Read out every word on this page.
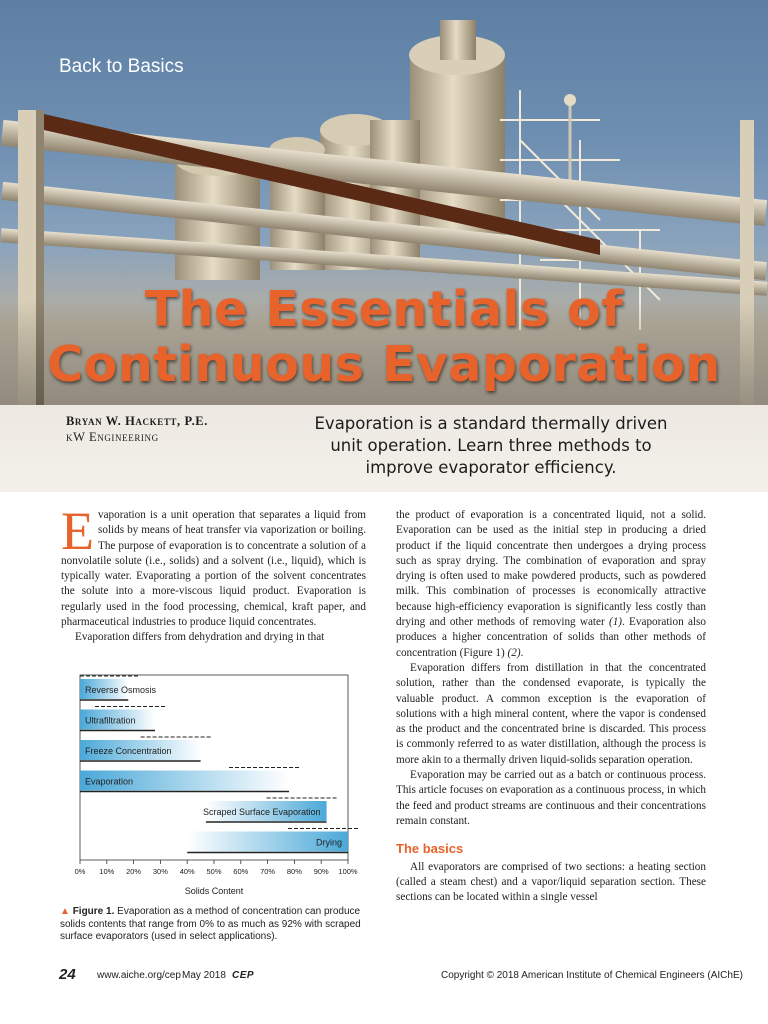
Back to Basics
The Essentials of
Continuous Evaporation
Bryan W. Hackett, P.E.
kW Engineering
Evaporation is a standard thermally driven unit operation. Learn three methods to improve evaporator efficiency.

Evaporation is a unit operation that separates a liquid from solids by means of heat transfer via vaporization or boiling. The purpose of evaporation is to concentrate a solution of a nonvolatile solute (i.e., solids) and a solvent (i.e., liquid), which is typically water. Evaporating a portion of the solvent concentrates the solute into a more-viscous liquid product. Evaporation is regularly used in the food processing, chemical, kraft paper, and pharmaceutical industries to produce liquid concentrates.

Evaporation differs from dehydration and drying in that

Reverse Osmosis
Ultrafiltration
Freeze Concentration
Evaporation
Scraped Surface Evaporation
Drying
0% 10% 20% 30% 40% 50% 60% 70% 80% 90% 100%
Solids Content
▲ Figure 1. Evaporation as a method of concentration can produce solids contents that range from 0% to as much as 92% with scraped surface evaporators (used in select applications).

the product of evaporation is a concentrated liquid, not a solid. Evaporation can be used as the initial step in producing a dried product if the liquid concentrate then undergoes a drying process such as spray drying. The combination of evaporation and spray drying is often used to make powdered products, such as powdered milk. This combination of processes is economically attractive because high-efficiency evaporation is significantly less costly than drying and other methods of removing water (1). Evaporation also produces a higher concentration of solids than other methods of concentration (Figure 1) (2).

Evaporation differs from distillation in that the concentrated solution, rather than the condensed evaporate, is typically the valuable product. A common exception is the evaporation of solutions with a high mineral content, where the vapor is condensed as the product and the concentrated brine is discarded. This process is commonly referred to as water distillation, although the process is more akin to a thermally driven liquid-solids separation operation.

Evaporation may be carried out as a batch or continuous process. This article focuses on evaporation as a continuous process, in which the feed and product streams are continuous and their concentrations remain constant.

The basics

All evaporators are comprised of two sections: a heating section (called a steam chest) and a vapor/liquid separation section. These sections can be located within a single vessel

24 www.aiche.org/cep May 2018 CEP	Copyright © 2018 American Institute of Chemical Engineers (AIChE)
